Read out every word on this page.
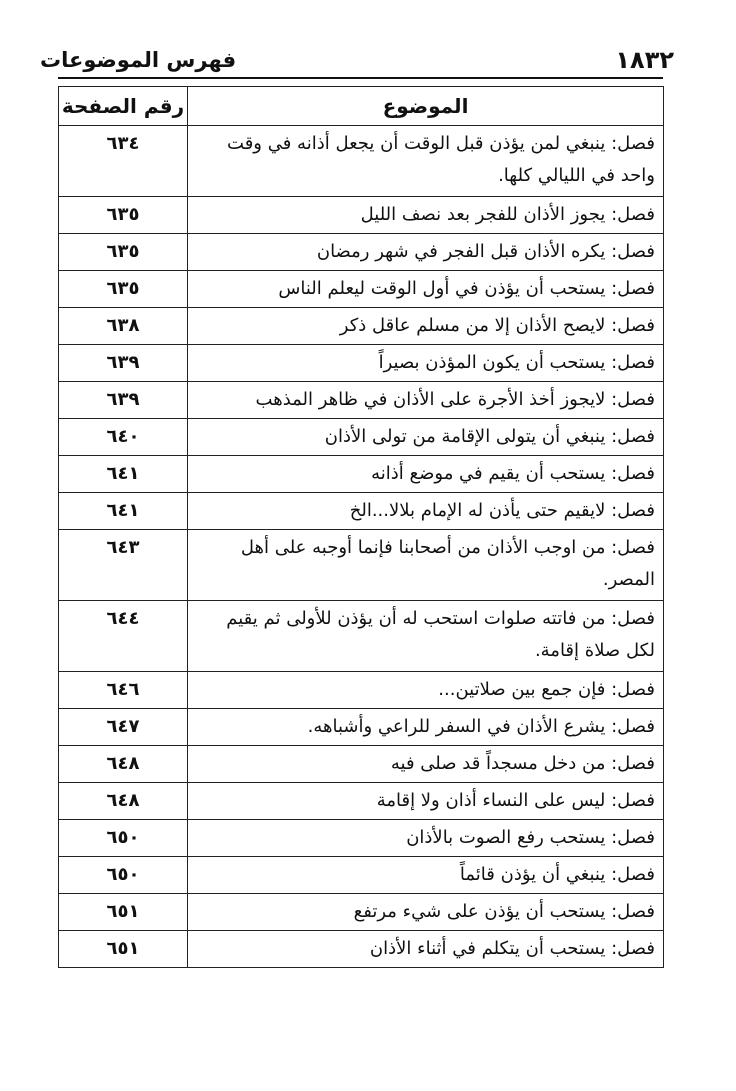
فهرس الموضوعات	١٨٣٢
الموضوع	رقم الصفحة
فصل: ينبغي لمن يؤذن قبل الوقت أن يجعل أذانه في وقت واحد في الليالي كلها.	٦٣٤
فصل: يجوز الأذان للفجر بعد نصف الليل	٦٣٥
فصل: يكره الأذان قبل الفجر في شهر رمضان	٦٣٥
فصل: يستحب أن يؤذن في أول الوقت ليعلم الناس	٦٣٥
فصل: لايصح الأذان إلا من مسلم عاقل ذكر	٦٣٨
فصل: يستحب أن يكون المؤذن بصيراً	٦٣٩
فصل: لايجوز أخذ الأجرة على الأذان في ظاهر المذهب	٦٣٩
فصل: ينبغي أن يتولى الإقامة من تولى الأذان	٦٤٠
فصل: يستحب أن يقيم في موضع أذانه	٦٤١
فصل: لايقيم حتى يأذن له الإمام بلالا...الخ	٦٤١
فصل: من اوجب الأذان من أصحابنا فإنما أوجبه على أهل المصر.	٦٤٣
فصل: من فاتته صلوات استحب له أن يؤذن للأولى ثم يقيم لكل صلاة إقامة.	٦٤٤
فصل: فإن جمع بين صلاتين...	٦٤٦
فصل: يشرع الأذان في السفر للراعي وأشباهه.	٦٤٧
فصل: من دخل مسجداً قد صلى فيه	٦٤٨
فصل: ليس على النساء أذان ولا إقامة	٦٤٨
فصل: يستحب رفع الصوت بالأذان	٦٥٠
فصل: ينبغي أن يؤذن قائماً	٦٥٠
فصل: يستحب أن يؤذن على شيء مرتفع	٦٥١
فصل: يستحب أن يتكلم في أثناء الأذان	٦٥١
